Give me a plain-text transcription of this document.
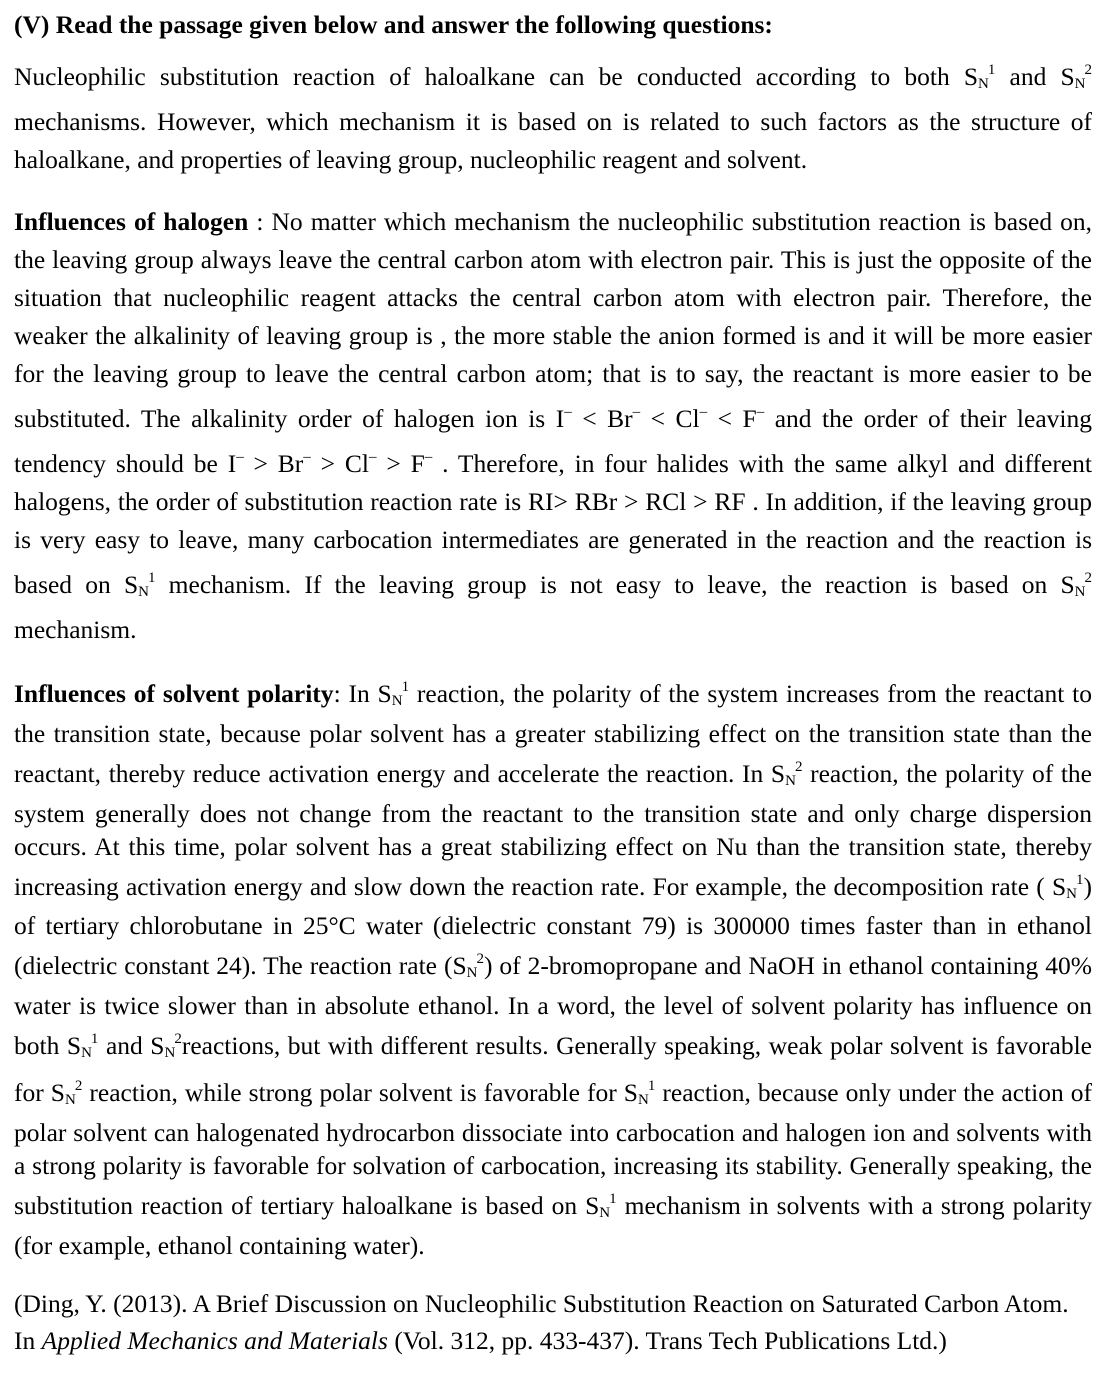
(V) Read the passage given below and answer the following questions:

Nucleophilic substitution reaction of haloalkane can be conducted according to both $S_N^1$ and $S_N^2$ mechanisms. However, which mechanism it is based on is related to such factors as the structure of haloalkane, and properties of leaving group, nucleophilic reagent and solvent.

Influences of halogen : No matter which mechanism the nucleophilic substitution reaction is based on, the leaving group always leave the central carbon atom with electron pair. This is just the opposite of the situation that nucleophilic reagent attacks the central carbon atom with electron pair. Therefore, the weaker the alkalinity of leaving group is , the more stable the anion formed is and it will be more easier for the leaving group to leave the central carbon atom; that is to say, the reactant is more easier to be substituted. The alkalinity order of halogen ion is I‒ < Br‒ < Cl‒ < F‒ and the order of their leaving tendency should be I‒ > Br‒ > Cl‒ > F‒ . Therefore, in four halides with the same alkyl and different halogens, the order of substitution reaction rate is RI> RBr > RCl > RF . In addition, if the leaving group is very easy to leave, many carbocation intermediates are generated in the reaction and the reaction is based on $S_N^1$ mechanism. If the leaving group is not easy to leave, the reaction is based on $S_N^2$ mechanism.

Influences of solvent polarity: In $S_N^1$ reaction, the polarity of the system increases from the reactant to the transition state, because polar solvent has a greater stabilizing effect on the transition state than the reactant, thereby reduce activation energy and accelerate the reaction. In $S_N^2$ reaction, the polarity of the system generally does not change from the reactant to the transition state and only charge dispersion occurs. At this time, polar solvent has a great stabilizing effect on Nu than the transition state, thereby increasing activation energy and slow down the reaction rate. For example, the decomposition rate ( $S_N^1$) of tertiary chlorobutane in 25°C water (dielectric constant 79) is 300000 times faster than in ethanol (dielectric constant 24). The reaction rate $(S_N^2)$ of 2-bromopropane and NaOH in ethanol containing 40% water is twice slower than in absolute ethanol. In a word, the level of solvent polarity has influence on both $S_N^1$ and $S_N^2reactions$, but with different results. Generally speaking, weak polar solvent is favorable for $S_N^2$ reaction, while strong polar solvent is favorable for $S_N^1$ reaction, because only under the action of polar solvent can halogenated hydrocarbon dissociate into carbocation and halogen ion and solvents with a strong polarity is favorable for solvation of carbocation, increasing its stability. Generally speaking, the substitution reaction of tertiary haloalkane is based on $S_N^1$ mechanism in solvents with a strong polarity (for example, ethanol containing water).

(Ding, Y. (2013). A Brief Discussion on Nucleophilic Substitution Reaction on Saturated Carbon Atom. In Applied Mechanics and Materials (Vol. 312, pp. 433-437). Trans Tech Publications Ltd.)
